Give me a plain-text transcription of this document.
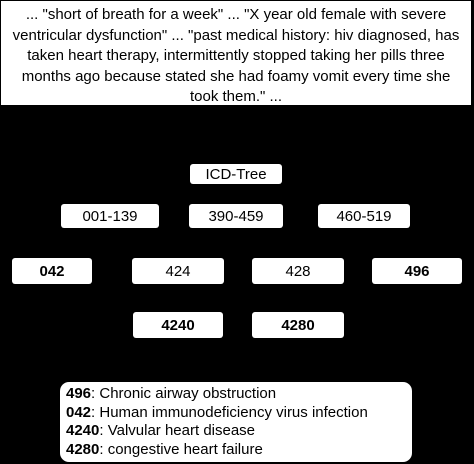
... "short of breath for a week" ... "X year old female with severe ventricular dysfunction" ... "past medical history: hiv diagnosed, has taken heart therapy, intermittently stopped taking her pills three months ago because stated she had foamy vomit every time she took them." ...
ICD-Tree
001-139	390-459	460-519
042	424	428	496
4240	4280
496: Chronic airway obstruction
042: Human immunodeficiency virus infection
4240: Valvular heart disease
4280: congestive heart failure
